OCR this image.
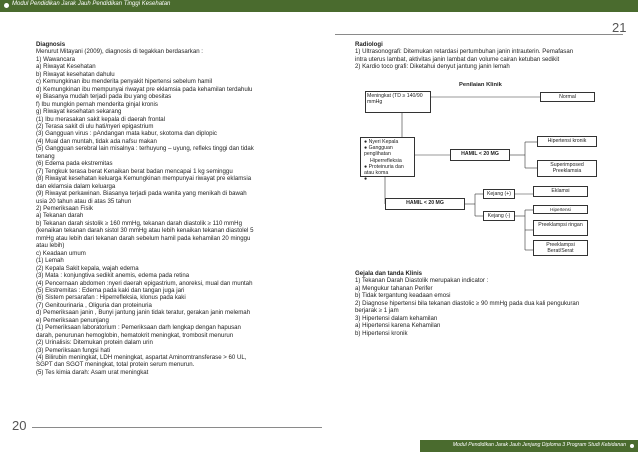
Modul Pendidikan Jarak Jauh Pendidikan Tinggi Kesehatan
21
Diagnosis
Menurut Mitayani (2009), diagnosis di tegakkan berdasarkan :
1) Wawancara
a) Riwayat Kesehatan
b) Riwayat kesehatan dahulu
c) Kemungkinan ibu menderita penyakit hipertensi sebelum hamil
d) Kemungkinan ibu mempunyai riwayat pre eklamsia pada kehamilan terdahulu
e) Biasanya mudah terjadi pada ibu yang obesitas
f) Ibu mungkin pernah menderita ginjal kronis
g) Riwayat kesehatan sekarang
(1) Ibu merasakan sakit kepala di daerah frontal
(2) Terasa sakit di ulu hati/nyeri epigastrium
(3) Gangguan virus : pAndangan mata kabur, skotoma dan diplopic
(4) Mual dan muntah, tidak ada nafsu makan
(5) Gangguan serebral lain misalnya : terhuyung – uyung, refleks tinggi dan tidak
tenang
(6) Edema pada ekstremitas
(7) Tengkuk terasa berat Kenaikan berat badan mencapai 1 kg seminggu
(8) Riwayat kesehatan keluarga Kemungkinan mempunyai riwayat pre eklamsia
dan eklamsia dalam keluarga
(9) Riwayat perkawinan. Biasanya terjadi pada wanita yang menikah di bawah
usia 20 tahun atau di atas 35 tahun
2) Pemeriksaan Fisik
a) Tekanan darah
b) Tekanan darah sistolik ≥ 160 mmHg, tekanan darah diastolik ≥ 110 mmHg
(kenaikan tekanan darah sistol 30 mmHg atau lebih kenaikan tekanan diastolel 5
mmHg atau lebih dari tekanan darah sebelum hamil pada kehamilan 20 minggu
atau lebih)
c) Keadaan umum
(1) Lemah
(2) Kepala Sakit kepala, wajah edema
(3) Mata : konjungtiva sedikit anemis, edema pada retina
(4) Pencernaan abdomen :nyeri daerah epigastrium, anoreksi, mual dan muntah
(5) Ekstremitas : Edema pada kaki dan tangan juga jari
(6) Sistem persarafan : Hiperrefleksia, klonus pada kaki
(7) Genitourinaria , Oliguria dan proteinuria
d) Pemeriksaan janin , Bunyi jantung janin tidak teratur, gerakan janin melemah
e) Pemeriksaan penunjang
(1) Pemeriksaan laboratorium : Pemeriksaan darh lengkap dengan hapusan
darah, penurunan hemoglobin, hematokrit meningkat, trombosit menurun
(2) Urinalisis: Ditemukan protein dalam urin
(3) Pemeriksaan fungsi hati
(4) Bilirubin meningkat, LDH meningkat, aspartat Aminomtransferase > 60 UL,
SGPT dan SGOT meningkat, total protein serum menurun.
(5) Tes kimia darah: Asam urat meningkat
Radiologi
1) Ultrasonografi: Ditemukan retardasi pertumbuhan janin intrauterin. Pemafasan
intra uterus lambat, aktivitas janin lambat dan volume cairan ketuban sedikit
2) Kardio toco grafi: Diketahui denyut jantung janin lemah
Penilaian Klinik
Meningkat (TD ≥ 140/90 mmHg
Normal
● Nyeri Kepala
● Gangguan penglihatan
Hiperrefleksia
● Proteinuria dan atau koma
●
HAMIL < 20 MG
Hipertensi kronik
Superimposed Preeklamsia
HAMIL < 20 MG
Kejang (+)
Kejang (-)
Eklamsi
Hipertensi
Preeklampsi ringan
Preeklampsi Berat/Serat
Gejala dan tanda Klinis
1) Tekanan Darah Diastolik merupakan indicator :
a) Mengukur tahanan Perifer
b) Tidak tergantung keadaan emosi
2) Diagnose hipertensi bila tekanan diastolic ≥ 90 mmHg pada dua kali pengukuran
berjarak ≥ 1 jam
3) Hipertensi dalam kehamilan
a) Hipertensi karena Kehamilan
b) Hipertensi kronik
20
Modul Pendidikan Jarak Jauh Jenjang Diploma 3 Program Studi Kebidanan
